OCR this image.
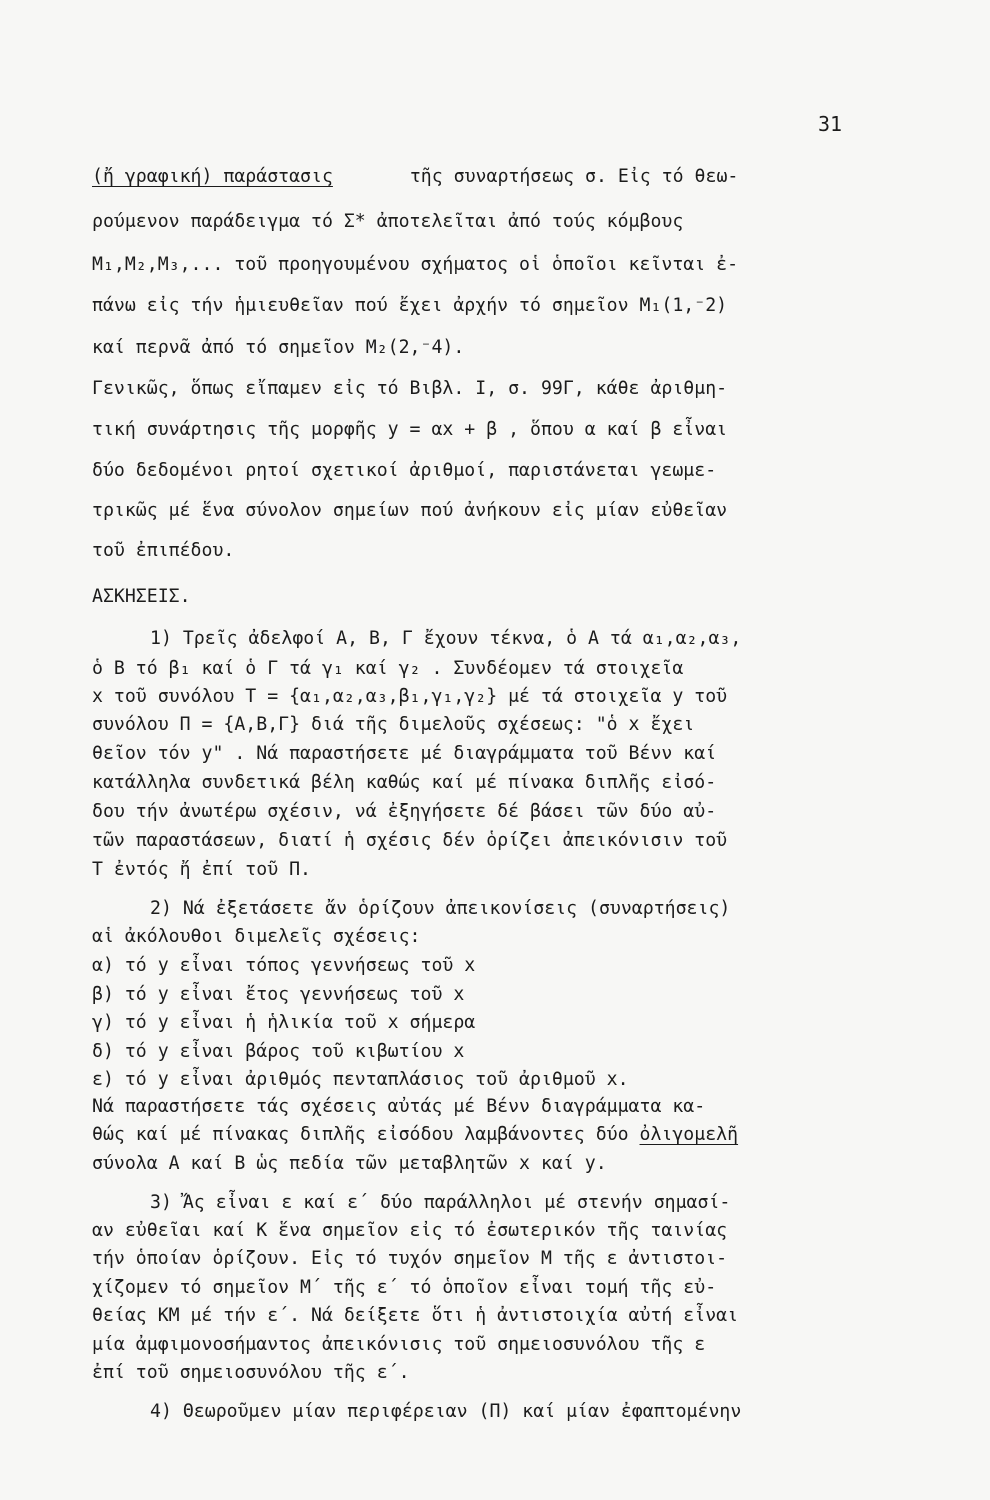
31
(ἤ γραφική) παράστασις	τῆς συναρτήσεως σ. Εἰς τό θεω-
ρούμενον παράδειγμα τό Σ* ἀποτελεῖται ἀπό τούς κόμβους
Μ₁,Μ₂,Μ₃,... τοῦ προηγουμένου σχήματος οἱ ὁποῖοι κεῖνται ἐ-
πάνω εἰς τήν ἡμιευθεῖαν πού ἔχει ἀρχήν τό σημεῖον Μ₁(1,⁻2)
καί περνᾶ ἀπό τό σημεῖον Μ₂(2,⁻4).
Γενικῶς, ὅπως εἴπαμεν εἰς τό Βιβλ. Ι, σ. 99Γ, κάθε ἀριθμη-
τική συνάρτησις τῆς μορφῆς y = αx + β , ὅπου α καί β εἶναι
δύο δεδομένοι ρητοί σχετικοί ἀριθμοί, παριστάνεται γεωμε-
τρικῶς μέ ἕνα σύνολον σημείων πού ἀνήκουν εἰς μίαν εὐθεῖαν
τοῦ ἐπιπέδου.
ΑΣΚΗΣΕΙΣ.
1) Τρεῖς ἀδελφοί Α, Β, Γ ἔχουν τέκνα, ὁ Α τά α₁,α₂,α₃,
ὁ Β τό β₁ καί ὁ Γ τά γ₁ καί γ₂ . Συνδέομεν τά στοιχεῖα
x τοῦ συνόλου Τ = {α₁,α₂,α₃,β₁,γ₁,γ₂} μέ τά στοιχεῖα y τοῦ
συνόλου Π = {Α,Β,Γ} διά τῆς διμελοῦς σχέσεως: "ὁ x ἔχει
θεῖον τόν y" . Νά παραστήσετε μέ διαγράμματα τοῦ Βένν καί
κατάλληλα συνδετικά βέλη καθώς καί μέ πίνακα διπλῆς εἰσό-
δου τήν ἀνωτέρω σχέσιν, νά ἐξηγήσετε δέ βάσει τῶν δύο αὐ-
τῶν παραστάσεων, διατί ἡ σχέσις δέν ὁρίζει ἀπεικόνισιν τοῦ
Τ ἐντός ἤ ἐπί τοῦ Π.
2) Νά ἐξετάσετε ἄν ὁρίζουν ἀπεικονίσεις (συναρτήσεις)
αἱ ἀκόλουθοι διμελεῖς σχέσεις:
α) τό y εἶναι τόπος γεννήσεως τοῦ x
β) τό y εἶναι ἔτος γεννήσεως τοῦ x
γ) τό y εἶναι ἡ ἡλικία τοῦ x σήμερα
δ) τό y εἶναι βάρος τοῦ κιβωτίου x
ε) τό y εἶναι ἀριθμός πενταπλάσιος τοῦ ἀριθμοῦ x.
Νά παραστήσετε τάς σχέσεις αὐτάς μέ Βένν διαγράμματα κα-
θώς καί μέ πίνακας διπλῆς εἰσόδου λαμβάνοντες δύο ὀλιγομελῆ
σύνολα Α καί Β ὡς πεδία τῶν μεταβλητῶν x καί y.
3) Ἄς εἶναι ε καί ε΄ δύο παράλληλοι μέ στενήν σημασί-
αν εὐθεῖαι καί Κ ἕνα σημεῖον εἰς τό ἐσωτερικόν τῆς ταινίας
τήν ὁποίαν ὁρίζουν. Εἰς τό τυχόν σημεῖον Μ τῆς ε ἀντιστοι-
χίζομεν τό σημεῖον Μ΄ τῆς ε΄ τό ὁποῖον εἶναι τομή τῆς εὐ-
θείας ΚΜ μέ τήν ε΄. Νά δείξετε ὅτι ἡ ἀντιστοιχία αὐτή εἶναι
μία ἀμφιμονοσήμαντος ἀπεικόνισις τοῦ σημειοσυνόλου τῆς ε
ἐπί τοῦ σημειοσυνόλου τῆς ε΄.
4) Θεωροῦμεν μίαν περιφέρειαν (Π) καί μίαν ἐφαπτομένην
